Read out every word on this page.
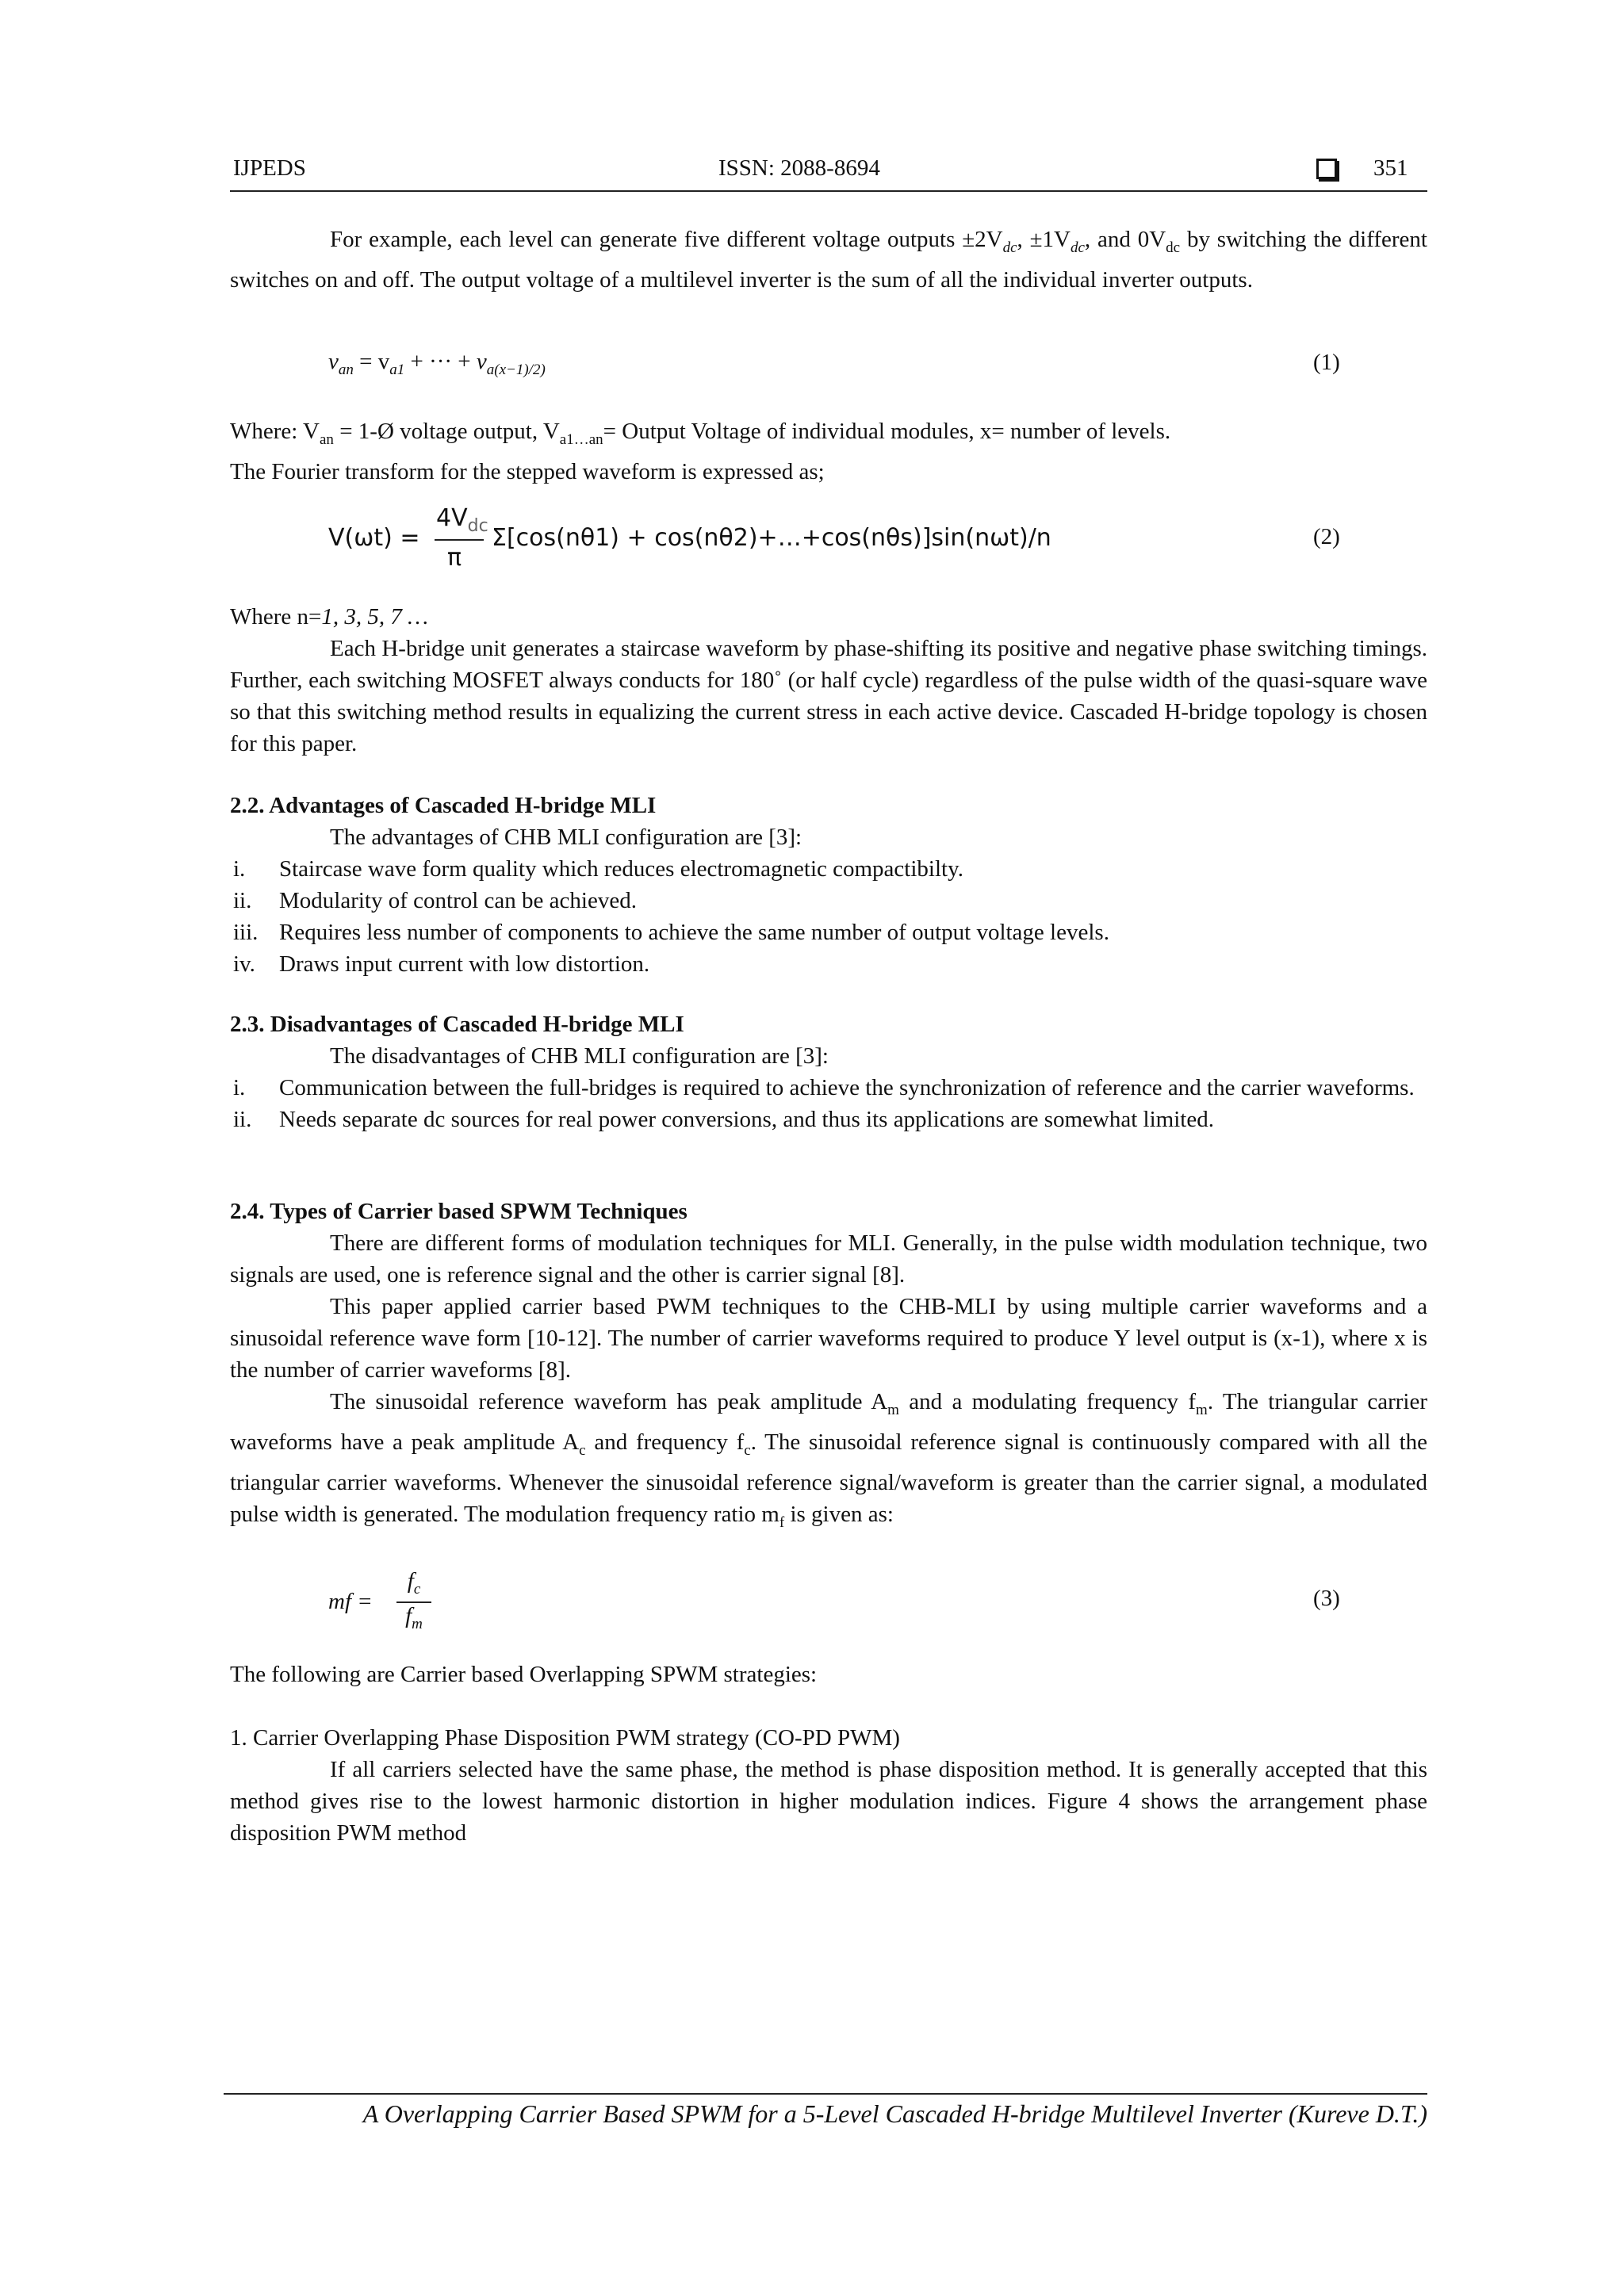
IJPEDS	ISSN: 2088-8694	351
For example, each level can generate five different voltage outputs $\pm 2V_{dc}$, $\pm 1V_{dc}$, and $0V_{dc}$ by switching the different switches on and off. The output voltage of a multilevel inverter is the sum of all the individual inverter outputs.
$v_{an} = v_{a1}$ + ··· + $v_{a(x-1)/2)}$	(1)
Where: $V_{an}$ = 1-Ø voltage output, $V_{a1\dots an}=$ Output Voltage of individual modules, x= number of levels.
The Fourier transform for the stepped waveform is expressed as;
V(ωt) =
$4V_{dc}$
π
Σ[cos(nθ1) + cos(nθ2)+…+cos(nθs)]sin(nωt)/n	(2)
Where n=1, 3, 5, 7 …
Each H-bridge unit generates a staircase waveform by phase-shifting its positive and negative phase switching timings. Further, each switching MOSFET always conducts for 180˚ (or half cycle) regardless of the pulse width of the quasi-square wave so that this switching method results in equalizing the current stress in each active device. Cascaded H-bridge topology is chosen for this paper.
2.2. Advantages of Cascaded H-bridge MLI
The advantages of CHB MLI configuration are [3]:
i. Staircase wave form quality which reduces electromagnetic compactibilty.
ii. Modularity of control can be achieved.
iii. Requires less number of components to achieve the same number of output voltage levels.
iv. Draws input current with low distortion.
2.3. Disadvantages of Cascaded H-bridge MLI
The disadvantages of CHB MLI configuration are [3]:
i. Communication between the full-bridges is required to achieve the synchronization of reference and the carrier waveforms.
ii. Needs separate dc sources for real power conversions, and thus its applications are somewhat limited.
2.4. Types of Carrier based SPWM Techniques
There are different forms of modulation techniques for MLI. Generally, in the pulse width modulation technique, two signals are used, one is reference signal and the other is carrier signal [8].
This paper applied carrier based PWM techniques to the CHB-MLI by using multiple carrier waveforms and a sinusoidal reference wave form [10-12]. The number of carrier waveforms required to produce Y level output is (x-1), where x is the number of carrier waveforms [8].
The sinusoidal reference waveform has peak amplitude $A_m$ and a modulating frequency $f_m$. The triangular carrier waveforms have a peak amplitude $A_c$ and frequency $f_c$. The sinusoidal reference signal is continuously compared with all the triangular carrier waveforms. Whenever the sinusoidal reference signal/waveform is greater than the carrier signal, a modulated pulse width is generated. The modulation frequency ratio $m_f$ is given as:
mf =
$f_c$
$f_m$
(3)
The following are Carrier based Overlapping SPWM strategies:
1. Carrier Overlapping Phase Disposition PWM strategy (CO-PD PWM)
If all carriers selected have the same phase, the method is phase disposition method. It is generally accepted that this method gives rise to the lowest harmonic distortion in higher modulation indices. Figure 4 shows the arrangement phase disposition PWM method
A Overlapping Carrier Based SPWM for a 5-Level Cascaded H-bridge Multilevel Inverter (Kureve D.T.)
